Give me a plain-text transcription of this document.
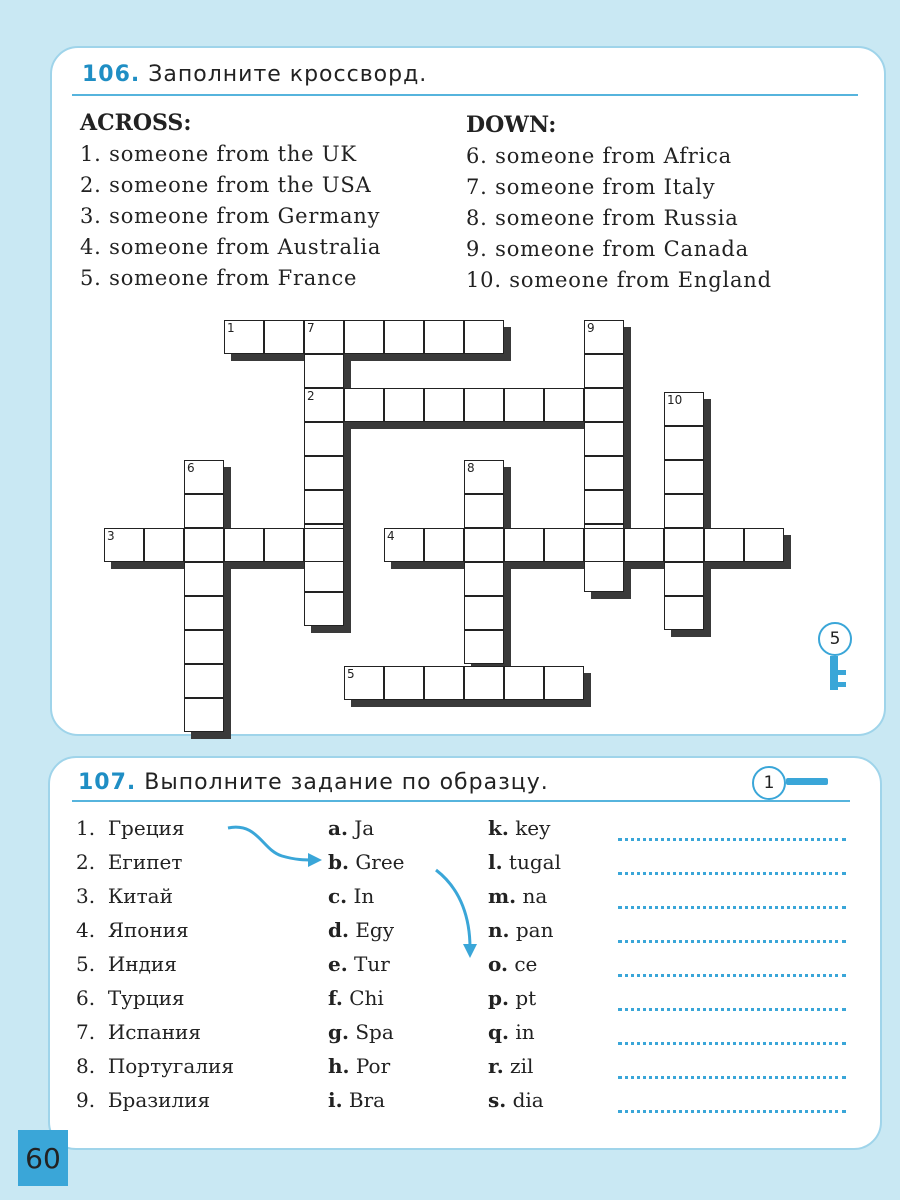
106. Заполните кроссворд.
ACROSS:	DOWN:
1. someone from the UK
2. someone from the USA
3. someone from Germany
4. someone from Australia
5. someone from France
6. someone from Africa
7. someone from Italy
8. someone from Russia
9. someone from Canada
10. someone from England
1	7	9
2	10
6	8
3	4
5
5
107. Выполните задание по образцу.	1
1. Греция	a. Ja	k. key
2. Египет	b. Gree	l. tugal
3. Китай	c. In	m. na
4. Япония	d. Egy	n. pan
5. Индия	e. Tur	o. ce
6. Турция	f. Chi	p. pt
7. Испания	g. Spa	q. in
8. Португалия	h. Por	r. zil
9. Бразилия	i. Bra	s. dia
60
